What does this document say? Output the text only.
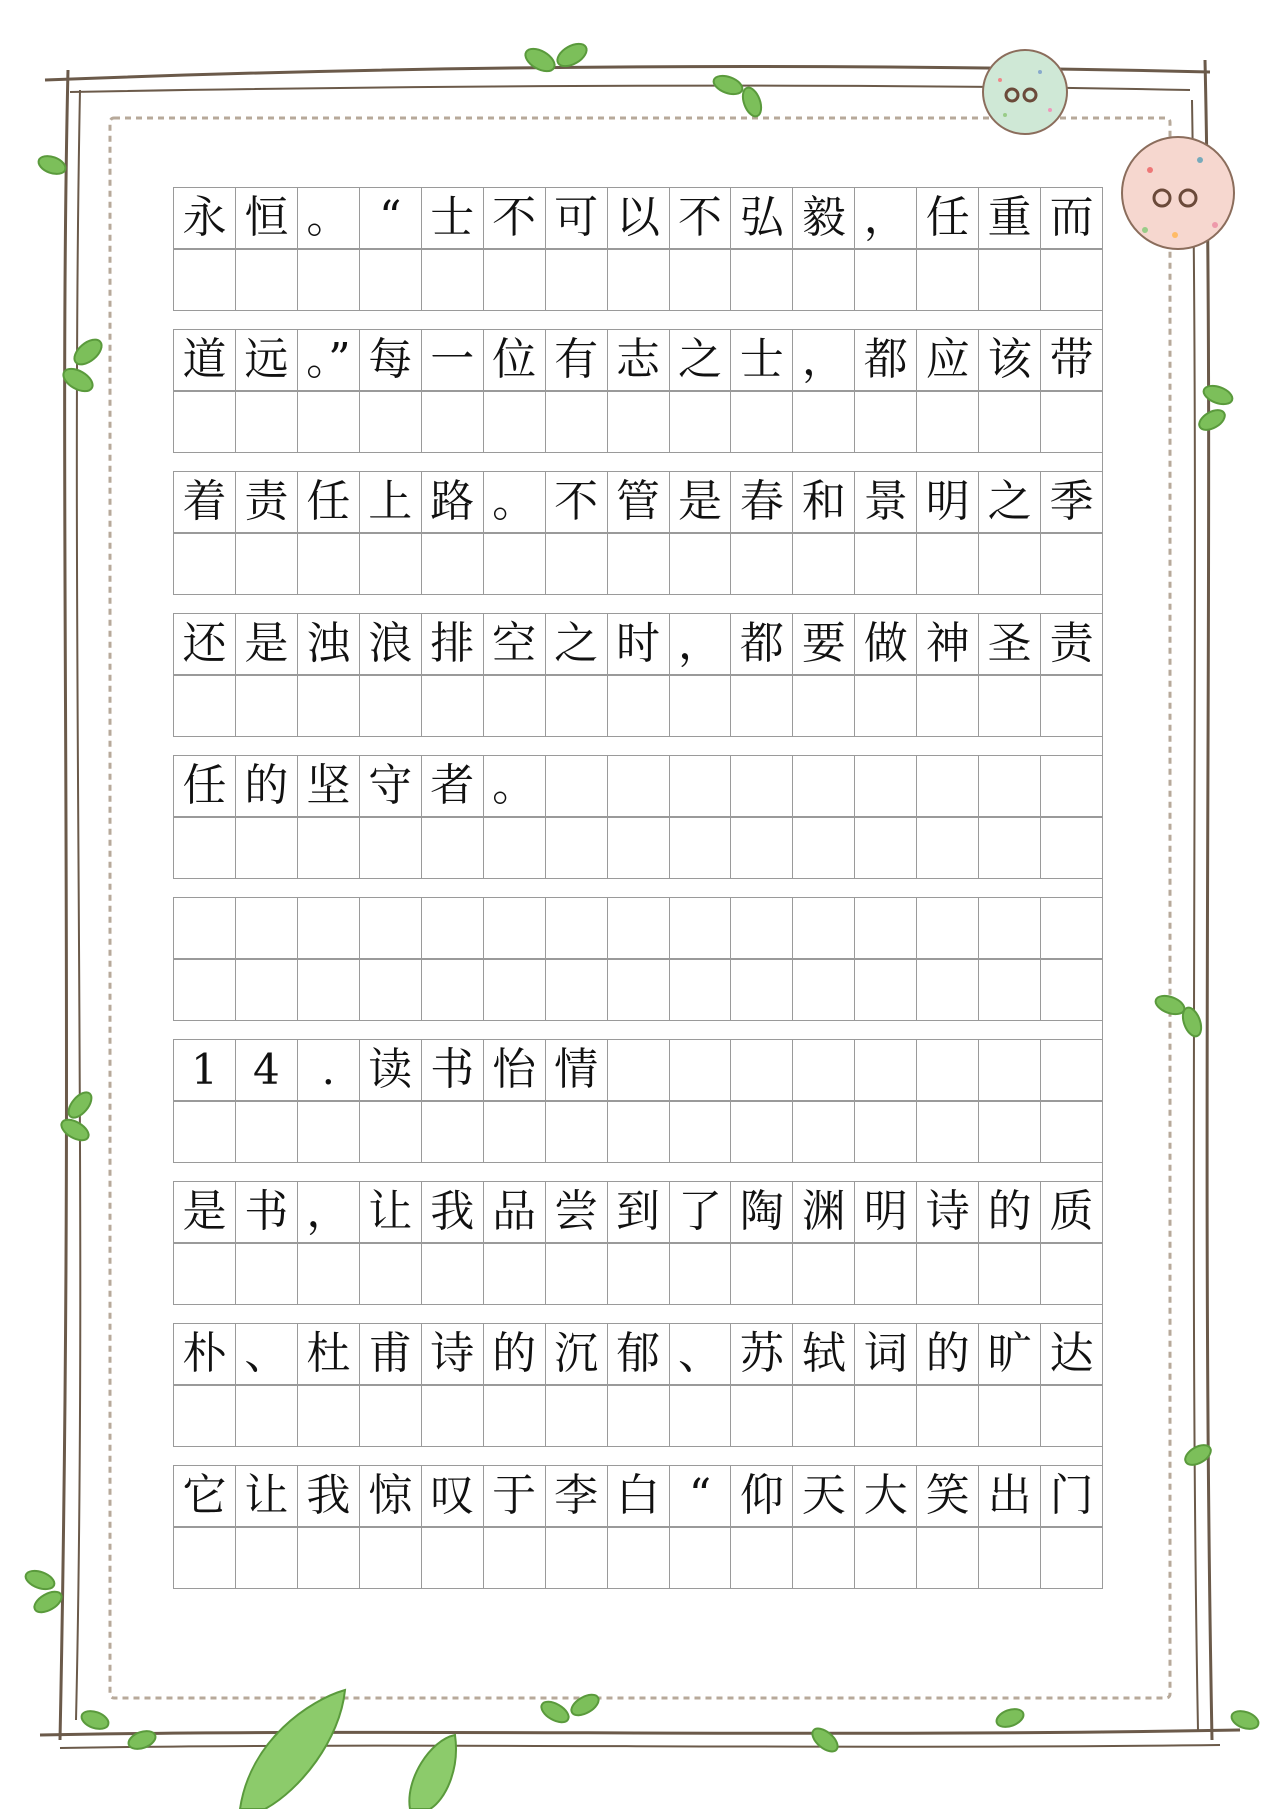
永 恒 。 “ 士 不 可 以 不 弘 毅 ， 任 重 而
道 远 。” 每 一 位 有 志 之 士 ， 都 应 该 带
着 责 任 上 路 。 不 管 是 春 和 景 明 之 季
还 是 浊 浪 排 空 之 时 ， 都 要 做 神 圣 责
任 的 坚 守 者 。
1 4 . 读 书 怡 情
是 书 ， 让 我 品 尝 到 了 陶 渊 明 诗 的 质
朴 、 杜 甫 诗 的 沉 郁 、 苏 轼 词 的 旷 达
它 让 我 惊 叹 于 李 白 “ 仰 天 大 笑 出 门
